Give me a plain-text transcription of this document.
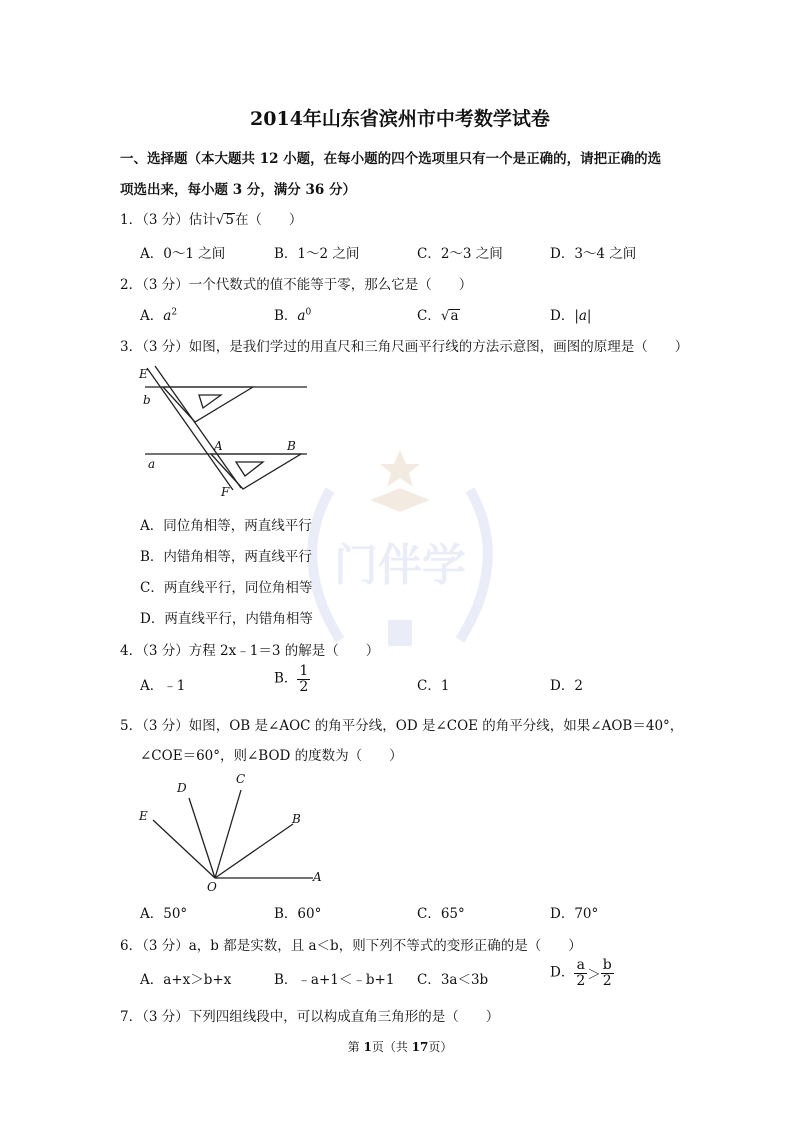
门伴学
2014年山东省滨州市中考数学试卷
一、选择题（本大题共 12 小题，在每小题的四个选项里只有一个是正确的，请把正确的选
项选出来，每小题 3 分，满分 36 分）
1．（3 分）估计√5在（　　）
A．0～1 之间	B．1～2 之间	C．2～3 之间	D．3～4 之间
2．（3 分）一个代数式的值不能等于零，那么它是（　　）
A．$a^2$	B．$a^0$	C．√a	D．|a|
3．（3 分）如图，是我们学过的用直尺和三角尺画平行线的方法示意图，画图的原理是（　　）
E
b
A	B
a
F
A．同位角相等，两直线平行
B．内错角相等，两直线平行
C．两直线平行，同位角相等
D．两直线平行，内错角相等
4．（3 分）方程 2x﹣1＝3 的解是（　　）
A．﹣1	B． $\frac{1}{2}$	C．1	D．2
5．（3 分）如图，OB 是∠AOC 的角平分线，OD 是∠COE 的角平分线，如果∠AOB＝40°，
∠COE＝60°，则∠BOD 的度数为（　　）
D
C
E	B
O
A
A．50°	B．60°	C．65°	D．70°
6．（3 分）a，b 都是实数，且 a＜b，则下列不等式的变形正确的是（　　）
A．a+x＞b+x	B．﹣a+1＜﹣b+1 C．3a＜3b	D． $\frac{a}{2} > \frac{b}{2}$
7．（3 分）下列四组线段中，可以构成直角三角形的是（　　）
第 1页（共 17页）
